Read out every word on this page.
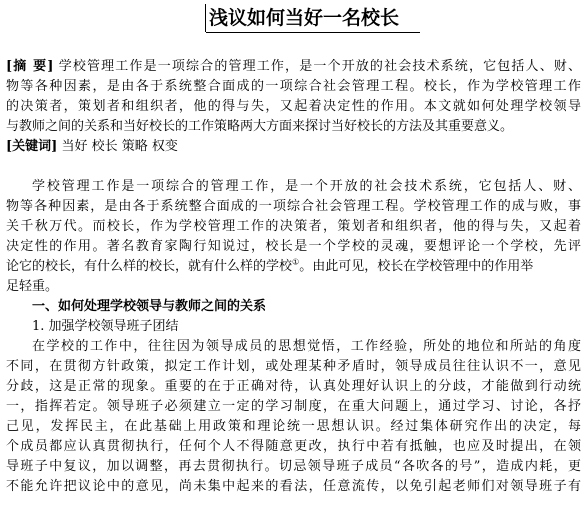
浅议如何当好一名校长
[摘 要] 学校管理工作是一项综合的管理工作，是一个开放的社会技术系统，它包括人、财、
物等各种因素，是由各于系统整合面成的一项综合社会管理工程。校长，作为学校管理工作
的决策者，策划者和组织者，他的得与失，又起着决定性的作用。本文就如何处理学校领导
与教师之间的关系和当好校长的工作策略两大方面来探讨当好校长的方法及其重要意义。
[关键词] 当好 校长 策略 权变
学校管理工作是一项综合的管理工作，是一个开放的社会技术系统，它包括人、财、
物等各种因素，是由各于系统整合面成的一项综合社会管理工程。学校管理工作的成与败，事
关千秋万代。而校长，作为学校管理工作的决策者，策划者和组织者，他的得与失，又起着
决定性的作用。著名教育家陶行知说过，校长是一个学校的灵魂，要想评论一个学校，先评
论它的校长，有什么样的校长，就有什么样的学校①。由此可见，校长在学校管理中的作用举
足轻重。
一、如何处理学校领导与教师之间的关系
1. 加强学校领导班子团结
在学校的工作中，往往因为领导成员的思想觉悟，工作经验，所处的地位和所站的角度
不同，在贯彻方针政策，拟定工作计划，或处理某种矛盾时，领导成员往往认识不一，意见
分歧，这是正常的现象。重要的在于正确对待，认真处理好认识上的分歧，才能做到行动统
一，指挥若定。领导班子必须建立一定的学习制度，在重大问题上，通过学习、讨论，各抒
己见，发挥民主，在此基础上用政策和理论统一思想认识。经过集体研究作出的决定，每
个成员都应认真贯彻执行，任何个人不得随意更改，执行中若有抵触，也应及时提出，在领
导班子中复议，加以调整，再去贯彻执行。切忌领导班子成员“各吹各的号”，造成内耗，更
不能允许把议论中的意见，尚未集中起来的看法，任意流传，以免引起老师们对领导班子有
